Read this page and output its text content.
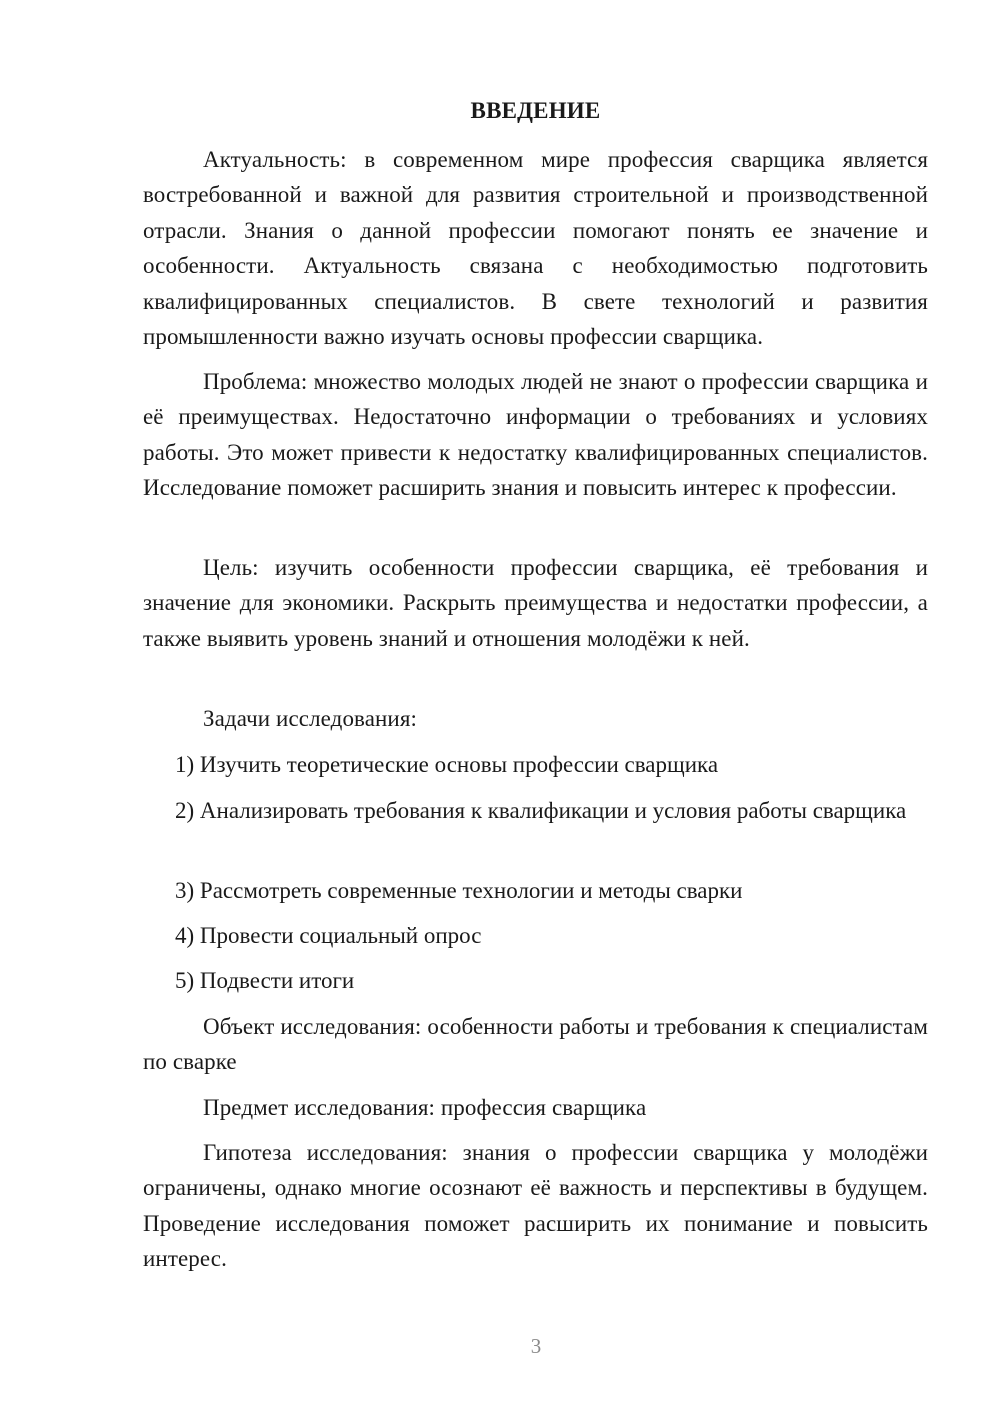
ВВЕДЕНИЕ

Актуальность: в современном мире профессия сварщика является востребованной и важной для развития строительной и производственной отрасли. Знания о данной профессии помогают понять ее значение и особенности. Актуальность связана с необходимостью подготовить квалифицированных специалистов. В свете технологий и развития промышленности важно изучать основы профессии сварщика.

Проблема: множество молодых людей не знают о профессии сварщика и её преимуществах. Недостаточно информации о требованиях и условиях работы. Это может привести к недостатку квалифицированных специалистов. Исследование поможет расширить знания и повысить интерес к профессии.

Цель: изучить особенности профессии сварщика, её требования и значение для экономики. Раскрыть преимущества и недостатки профессии, а также выявить уровень знаний и отношения молодёжи к ней.

Задачи исследования:

1) Изучить теоретические основы профессии сварщика

2) Анализировать требования к квалификации и условия работы сварщика

3) Рассмотреть современные технологии и методы сварки

4) Провести социальный опрос

5) Подвести итоги

Объект исследования: особенности работы и требования к специалистам по сварке

Предмет исследования: профессия сварщика

Гипотеза исследования: знания о профессии сварщика у молодёжи ограничены, однако многие осознают её важность и перспективы в будущем. Проведение исследования поможет расширить их понимание и повысить интерес.

3
